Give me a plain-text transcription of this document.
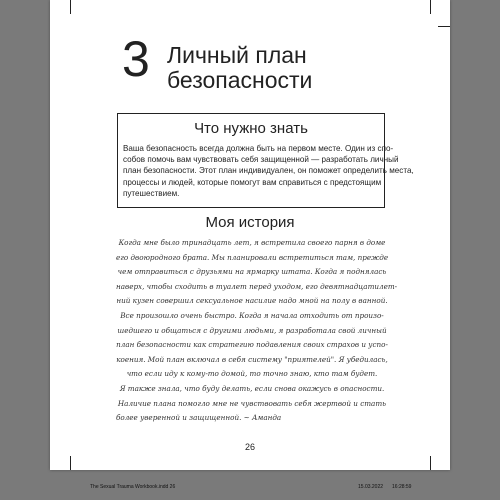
3 Личный план
безопасности
Что нужно знать
Ваша безопасность всегда должна быть на первом месте. Один из спо-
собов помочь вам чувствовать себя защищенной — разработать личный
план безопасности. Этот план индивидуален, он поможет определить места,
процессы и людей, которые помогут вам справиться с предстоящим
путешествием.
Моя история
Когда мне было тринадцать лет, я встретила своего парня в доме
его двоюродного брата. Мы планировали встретиться там, прежде
чем отправиться с друзьями на ярмарку штата. Когда я поднялась
наверх, чтобы сходить в туалет перед уходом, его девятнадцатилет-
ний кузен совершил сексуальное насилие надо мной на полу в ванной.
Все произошло очень быстро. Когда я начала отходить от произо-
шедшего и общаться с другими людьми, я разработала свой личный
план безопасности как стратегию подавления своих страхов и успо-
коения. Мой план включал в себя систему "приятелей". Я убедилась,
что если иду к кому-то домой, то точно знаю, кто там будет.
Я также знала, что буду делать, если снова окажусь в опасности.
Наличие плана помогло мне не чувствовать себя жертвой и стать
более уверенной и защищенной. ~ Аманда
26
The Sexual Trauma Workbook.indd 26	15.03.2022 16:28:59
